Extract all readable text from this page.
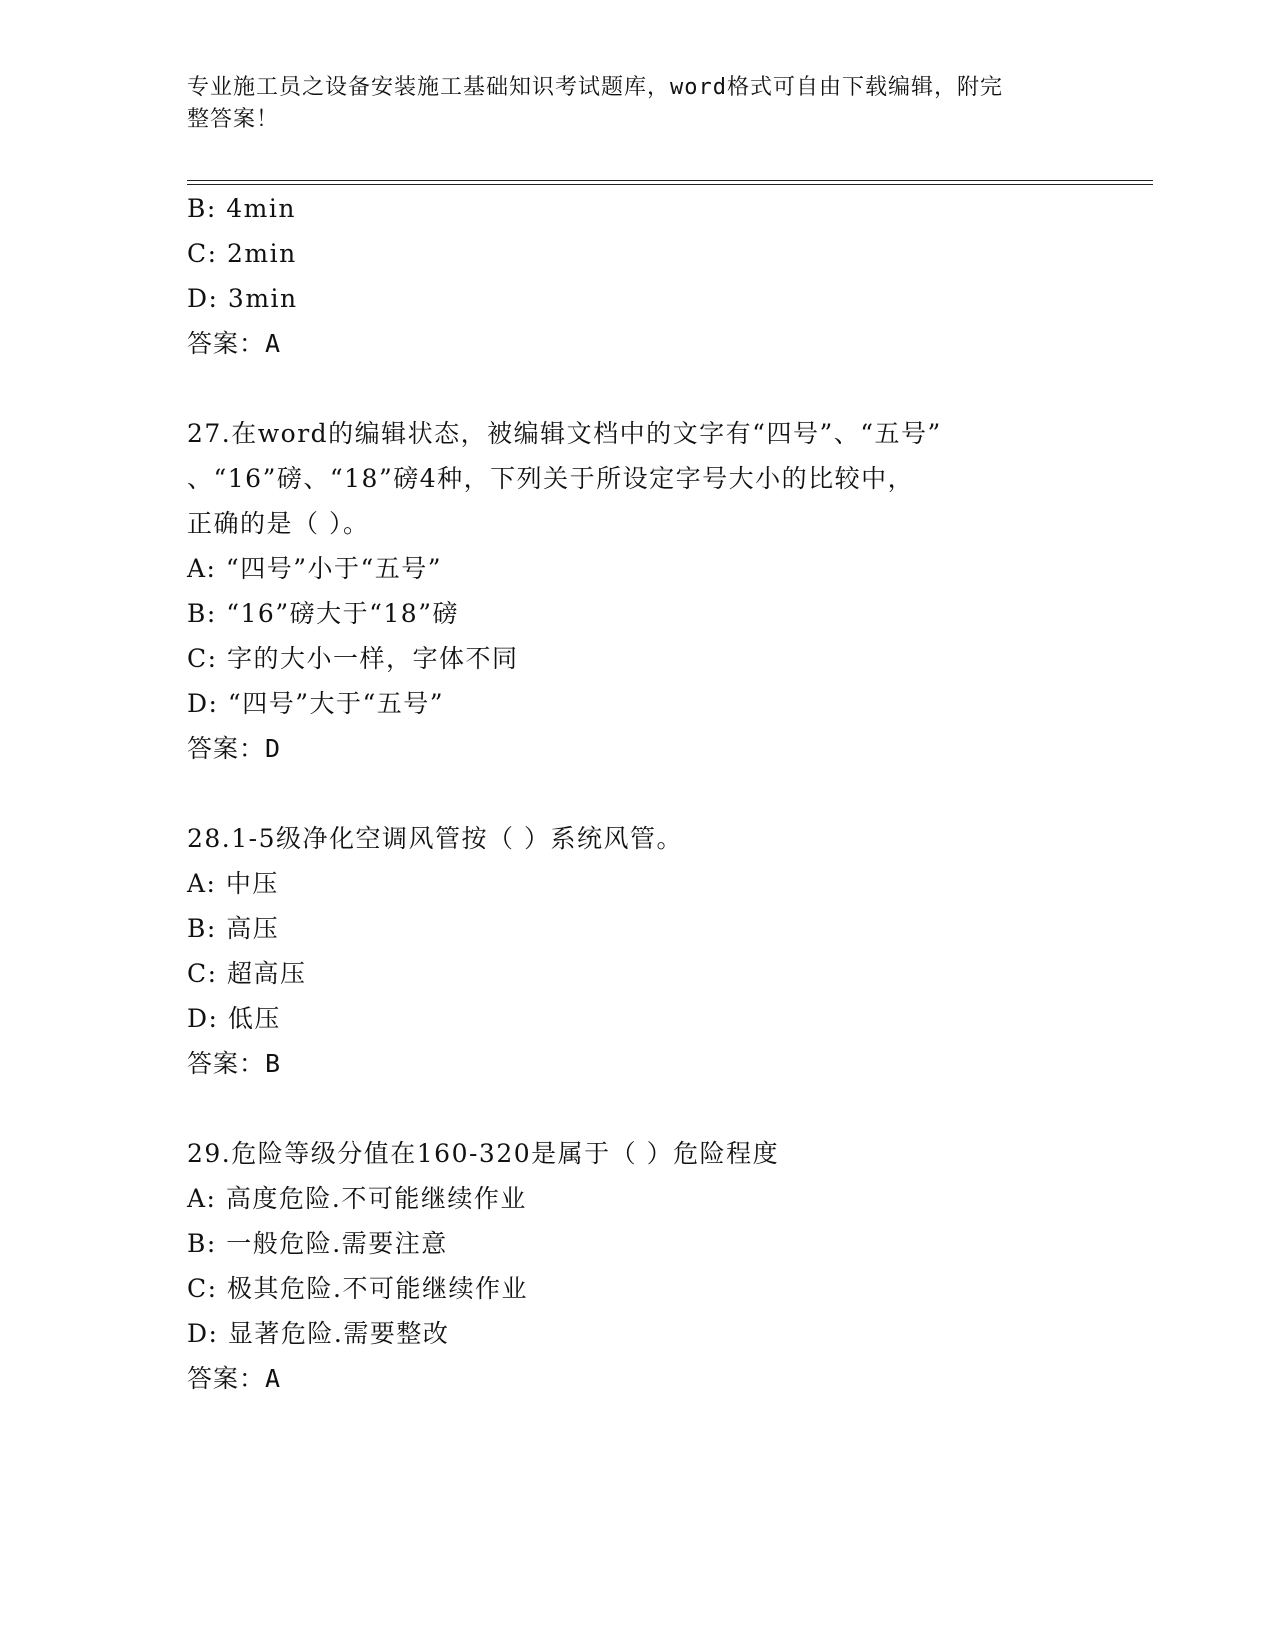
专业施工员之设备安装施工基础知识考试题库，word格式可自由下载编辑，附完
整答案！
B: 4min
C: 2min
D: 3min
答案：A
27.在word的编辑状态，被编辑文档中的文字有“四号”、“五号”
、“16”磅、“18”磅4种，下列关于所设定字号大小的比较中，
正确的是（ ）。
A: “四号”小于“五号”
B: “16”磅大于“18”磅
C: 字的大小一样，字体不同
D: “四号”大于“五号”
答案：D
28.1-5级净化空调风管按（ ）系统风管。
A: 中压
B: 高压
C: 超高压
D: 低压
答案：B
29.危险等级分值在160-320是属于（ ）危险程度
A: 高度危险.不可能继续作业
B: 一般危险.需要注意
C: 极其危险.不可能继续作业
D: 显著危险.需要整改
答案：A
